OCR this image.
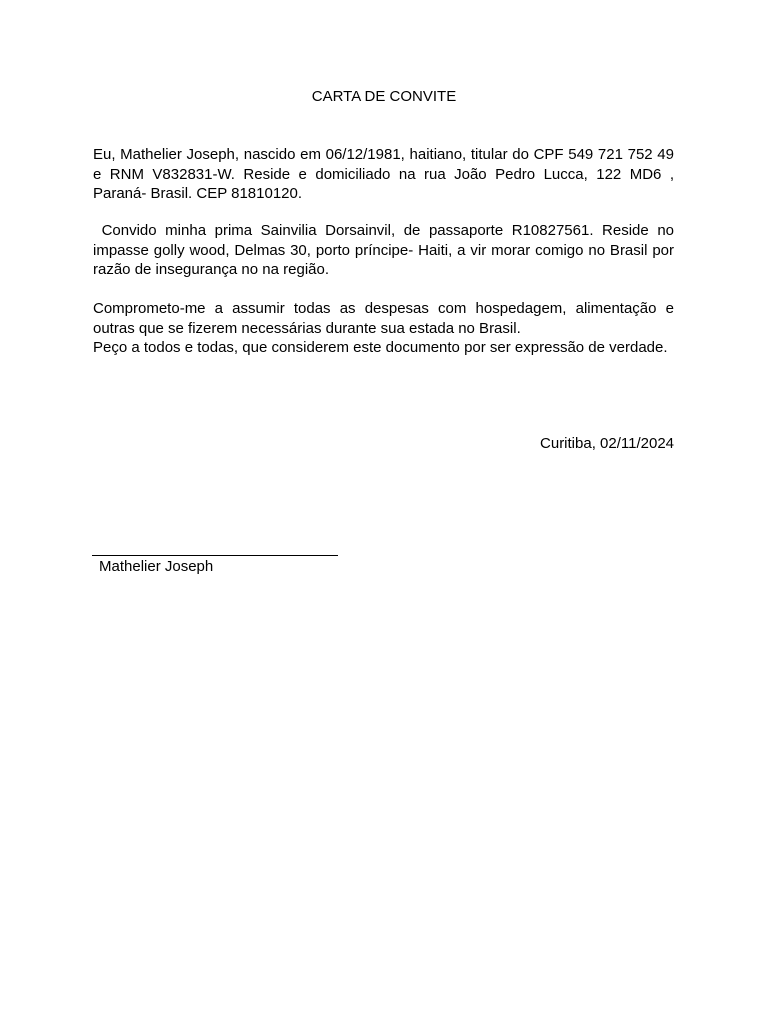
CARTA DE CONVITE

Eu, Mathelier Joseph, nascido em 06/12/1981, haitiano, titular do CPF 549 721 752 49 e RNM V832831-W. Reside e domiciliado na rua João Pedro Lucca, 122 MD6 , Paraná- Brasil. CEP 81810120.

Convido minha prima Sainvilia Dorsainvil, de passaporte R10827561. Reside no impasse golly wood, Delmas 30, porto príncipe- Haiti, a vir morar comigo no Brasil por razão de insegurança no na região.

Comprometo-me a assumir todas as despesas com hospedagem, alimentação e outras que se fizerem necessárias durante sua estada no Brasil.

Peço a todos e todas, que considerem este documento por ser expressão de verdade.

Curitiba, 02/11/2024
Mathelier Joseph
